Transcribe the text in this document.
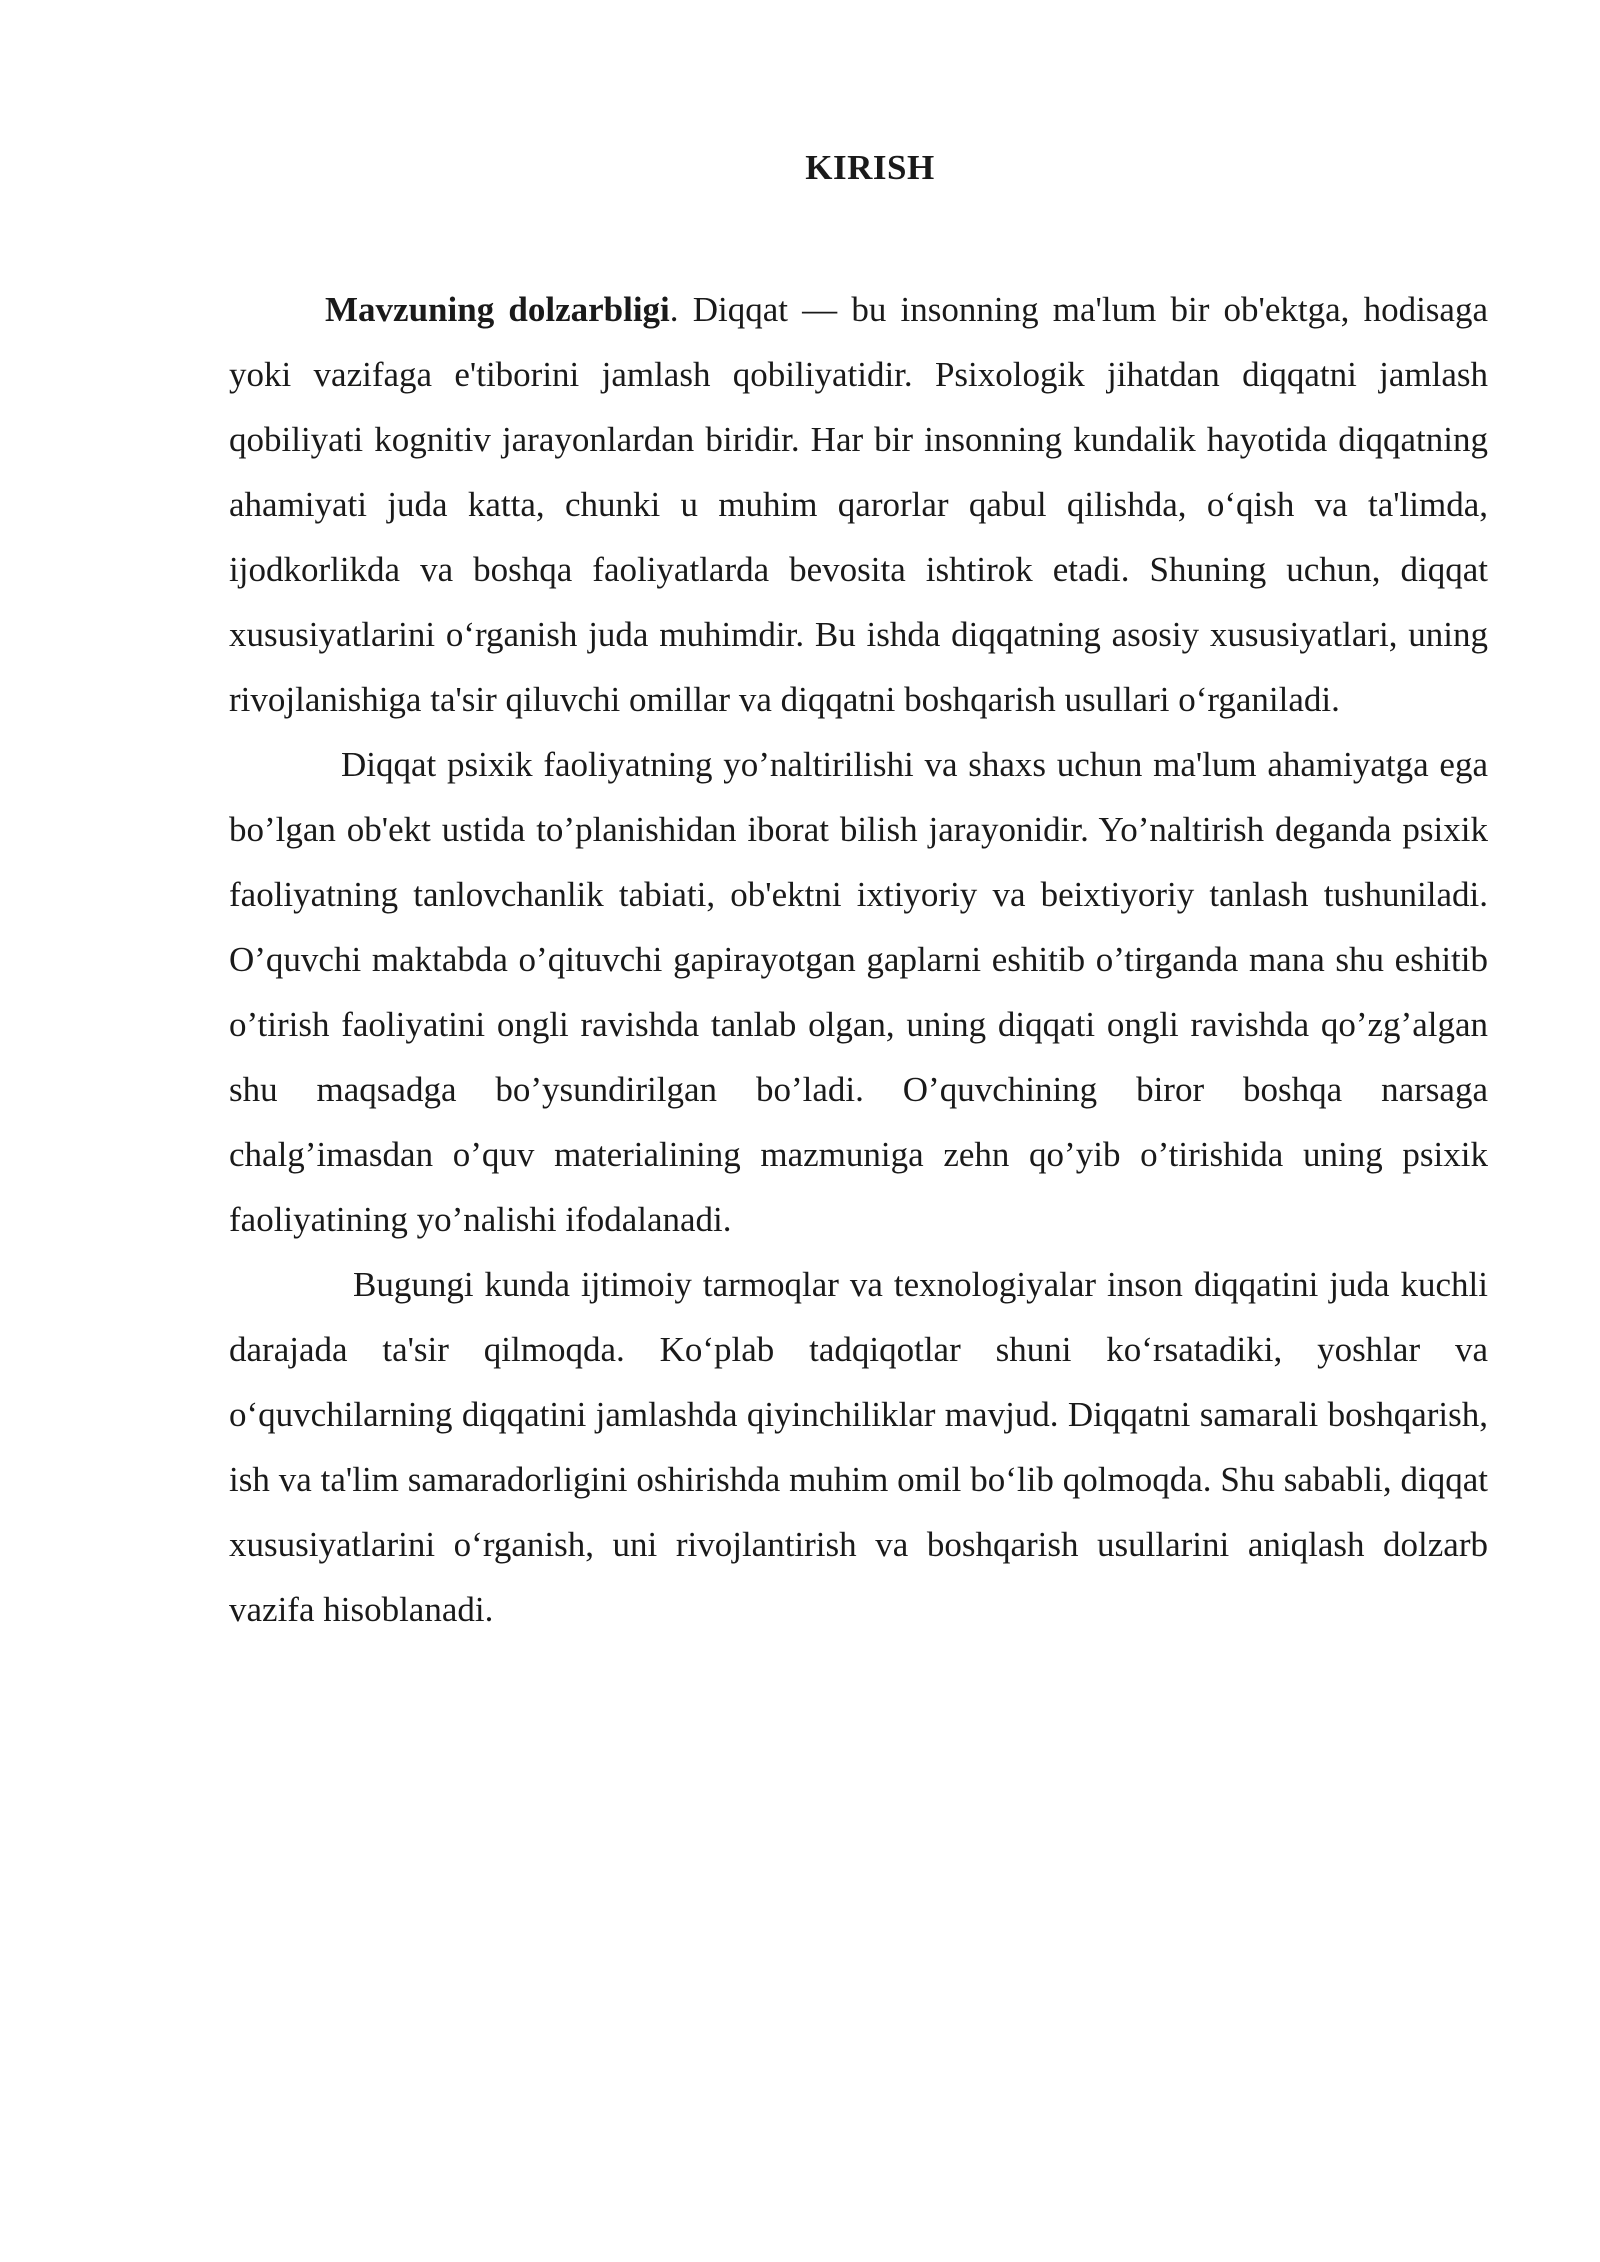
KIRISH

Mavzuning dolzarbligi. Diqqat — bu insonning ma'lum bir ob'ektga, hodisaga yoki vazifaga e'tiborini jamlash qobiliyatidir. Psixologik jihatdan diqqatni jamlash qobiliyati kognitiv jarayonlardan biridir. Har bir insonning kundalik hayotida diqqatning ahamiyati juda katta, chunki u muhim qarorlar qabul qilishda, o‘qish va ta'limda, ijodkorlikda va boshqa faoliyatlarda bevosita ishtirok etadi. Shuning uchun, diqqat xususiyatlarini o‘rganish juda muhimdir. Bu ishda diqqatning asosiy xususiyatlari, uning rivojlanishiga ta'sir qiluvchi omillar va diqqatni boshqarish usullari o‘rganiladi.

Diqqat psixik faoliyatning yo’naltirilishi va shaxs uchun ma'lum ahamiyatga ega bo’lgan ob'ekt ustida to’planishidan iborat bilish jarayonidir. Yo’naltirish deganda psixik faoliyatning tanlovchanlik tabiati, ob'ektni ixtiyoriy va beixtiyoriy tanlash tushuniladi. O’quvchi maktabda o’qituvchi gapirayotgan gaplarni eshitib o’tirganda mana shu eshitib o’tirish faoliyatini ongli ravishda tanlab olgan, uning diqqati ongli ravishda qo’zg’algan shu maqsadga bo’ysundirilgan bo’ladi. O’quvchining biror boshqa narsaga chalg’imasdan o’quv materialining mazmuniga zehn qo’yib o’tirishida uning psixik faoliyatining yo’nalishi ifodalanadi.

Bugungi kunda ijtimoiy tarmoqlar va texnologiyalar inson diqqatini juda kuchli darajada ta'sir qilmoqda. Ko‘plab tadqiqotlar shuni ko‘rsatadiki, yoshlar va o‘quvchilarning diqqatini jamlashda qiyinchiliklar mavjud. Diqqatni samarali boshqarish, ish va ta'lim samaradorligini oshirishda muhim omil bo‘lib qolmoqda. Shu sababli, diqqat xususiyatlarini o‘rganish, uni rivojlantirish va boshqarish usullarini aniqlash dolzarb vazifa hisoblanadi.
